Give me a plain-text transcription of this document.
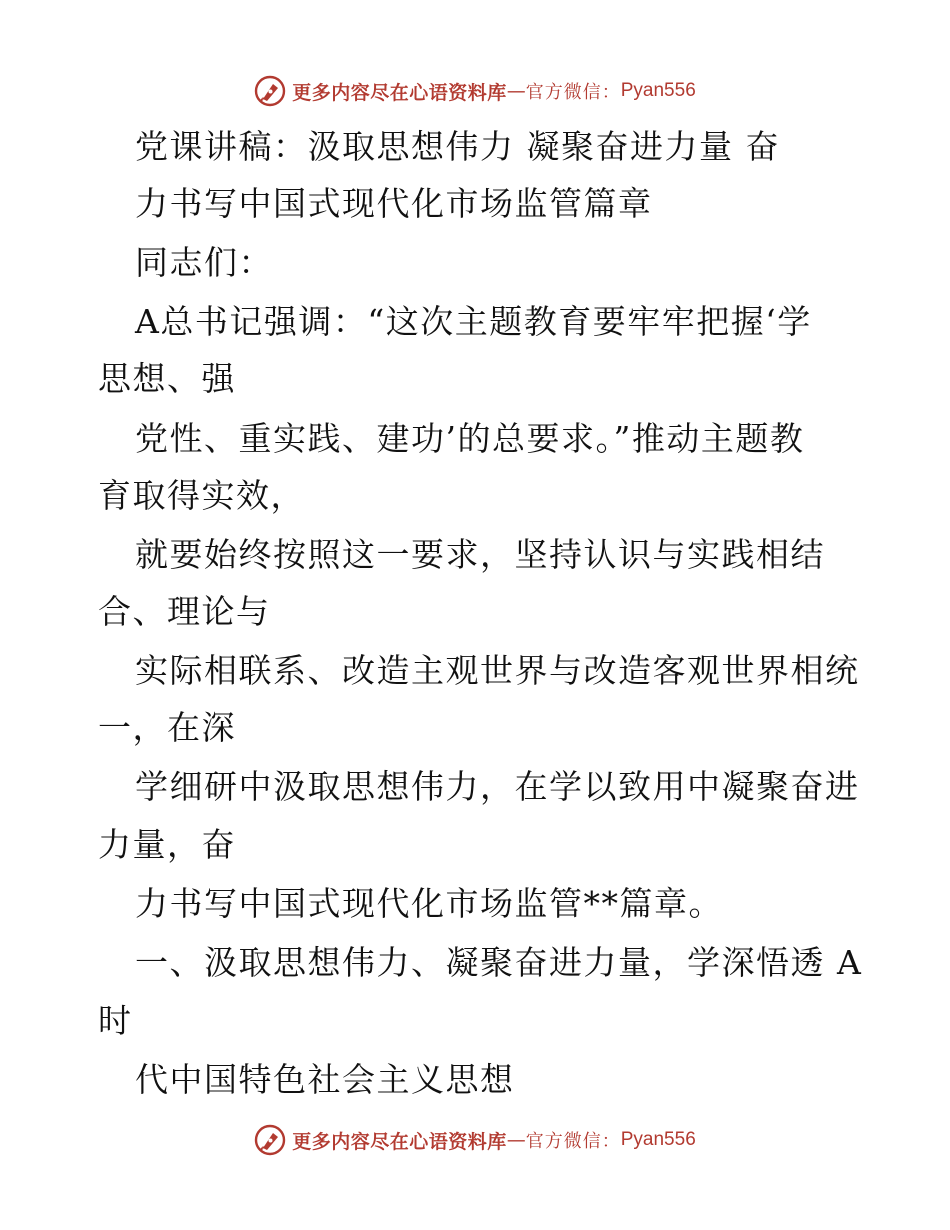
更多内容尽在心语资料库 — 官方微信： Pyan556
党课讲稿：汲取思想伟力 凝聚奋进力量 奋
力书写中国式现代化市场监管篇章
同志们：
A总书记强调：“这次主题教育要牢牢把握‘学
思想、强
党性、重实践、建功’的总要求。”推动主题教
育取得实效，
就要始终按照这一要求，坚持认识与实践相结
合、理论与
实际相联系、改造主观世界与改造客观世界相统
一，在深
学细研中汲取思想伟力，在学以致用中凝聚奋进
力量，奋
力书写中国式现代化市场监管**篇章。
一、汲取思想伟力、凝聚奋进力量，学深悟透 A
时
代中国特色社会主义思想
更多内容尽在心语资料库 — 官方微信： Pyan556
